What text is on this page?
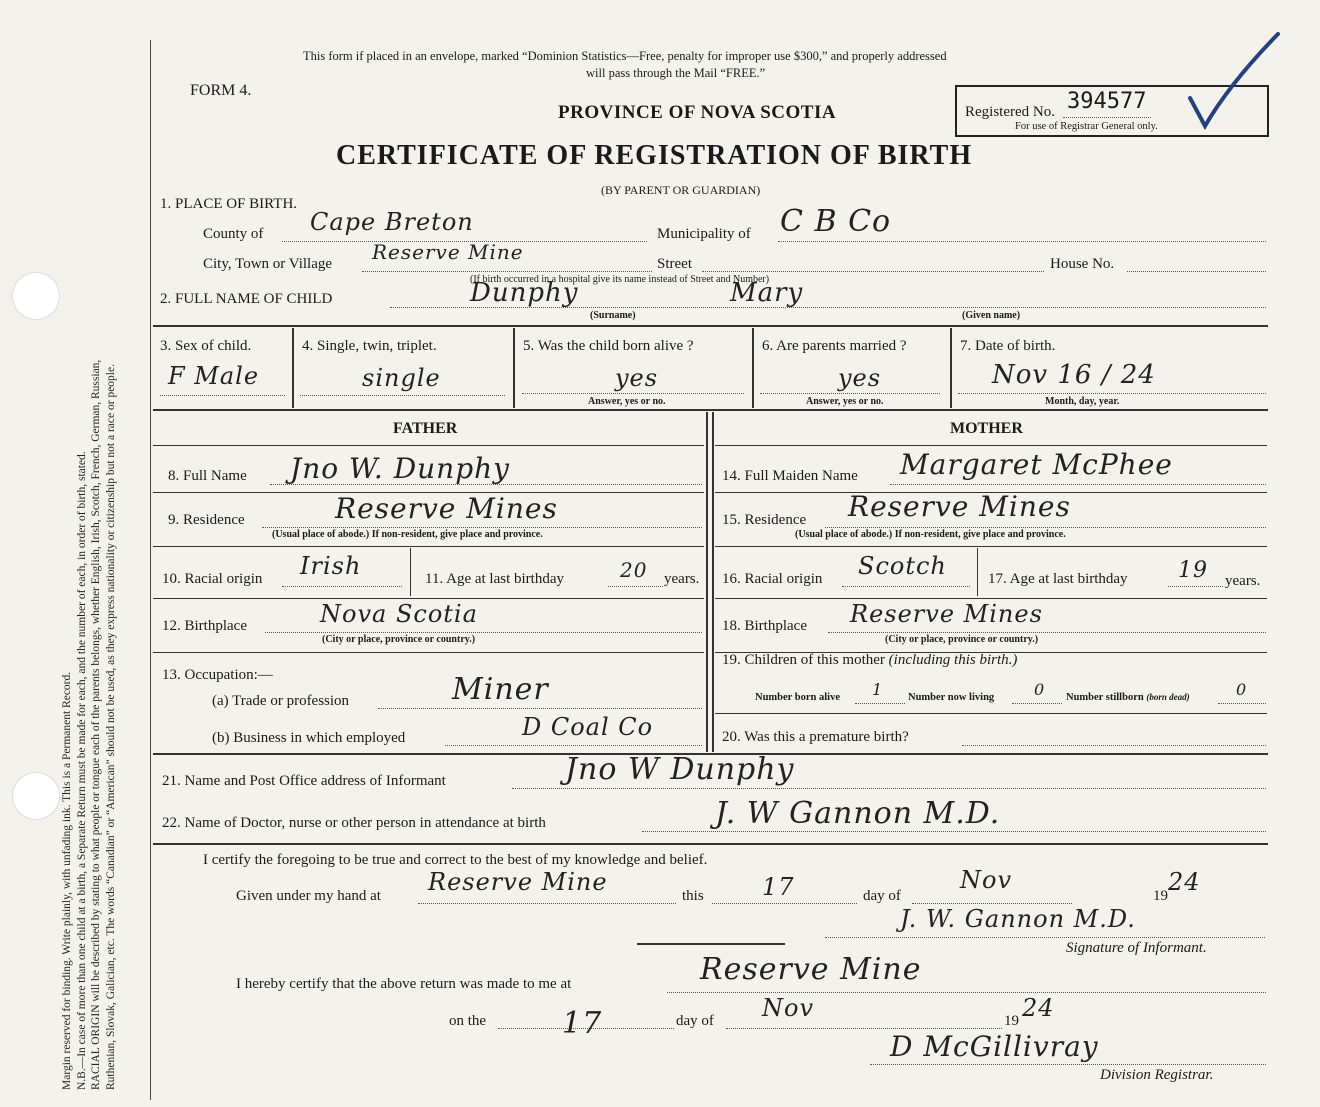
Margin reserved for binding. Write plainly, with unfading ink. This is a Permanent Record. N.B.—In case of more than one child at a birth, a Separate Return must be made for each, and the number of each, in order of birth, stated. RACIAL ORIGIN will be described by stating to what people or tongue each of the parents belongs, whether English, Irish, Scotch, French, German, Russian, Ruthenian, Slovak, Galician, etc. The words “Canadian” or “American” should not be used, as they express nationality or citizenship but not a race or people.
This form if placed in an envelope, marked “Dominion Statistics—Free, penalty for improper use $300,” and properly addressed
will pass through the Mail “FREE.”
FORM 4.
PROVINCE OF NOVA SCOTIA
CERTIFICATE OF REGISTRATION OF BIRTH
(BY PARENT OR GUARDIAN)
Registered No. 394577
For use of Registrar General only.
1. PLACE OF BIRTH.
County of Cape Breton	Municipality of C B Co
City, Town or Village Reserve Mine	Street	House No.
(If birth occurred in a hospital give its name instead of Street and Number)
2. FULL NAME OF CHILD	Dunphy	Mary
(Surname)	(Given name)
3. Sex of child.
F Male
4. Single, twin, triplet.
single
5. Was the child born alive ?
yes
Answer, yes or no.
6. Are parents married ?
yes
Answer, yes or no.
7. Date of birth.
Nov 16 / 24
Month, day, year.
FATHER	MOTHER
8. Full Name Jno W. Dunphy	14. Full Maiden Name Margaret McPhee
9. Residence	Reserve Mines
(Usual place of abode.) If non-resident, give place and province.
15. Residence Reserve Mines
(Usual place of abode.) If non-resident, give place and province.
10. Racial origin Irish	11. Age at last birthday	20 years. 16. Racial origin Scotch	17. Age at last birthday 19 years.
12. Birthplace	Nova Scotia
(City or place, province or country.)
18. Birthplace Reserve Mines
(City or place, province or country.)
13. Occupation:—
(a) Trade or profession	Miner
19. Children of this mother (including this birth.)
Number born alive 1 Number now living 0 Number stillborn (born dead)	0
(b) Business in which employed	D Coal Co	20. Was this a premature birth?
21. Name and Post Office address of Informant	Jno W Dunphy
22. Name of Doctor, nurse or other person in attendance at birth	J. W Gannon M.D.
I certify the foregoing to be true and correct to the best of my knowledge and belief.
Given under my hand at Reserve Mine	this 17	day of
Nov
19 24
J. W. Gannon M.D.
Signature of Informant.
I hereby certify that the above return was made to me at	Reserve Mine
on the	17	day of Nov	19 24
D McGillivray
Division Registrar.
